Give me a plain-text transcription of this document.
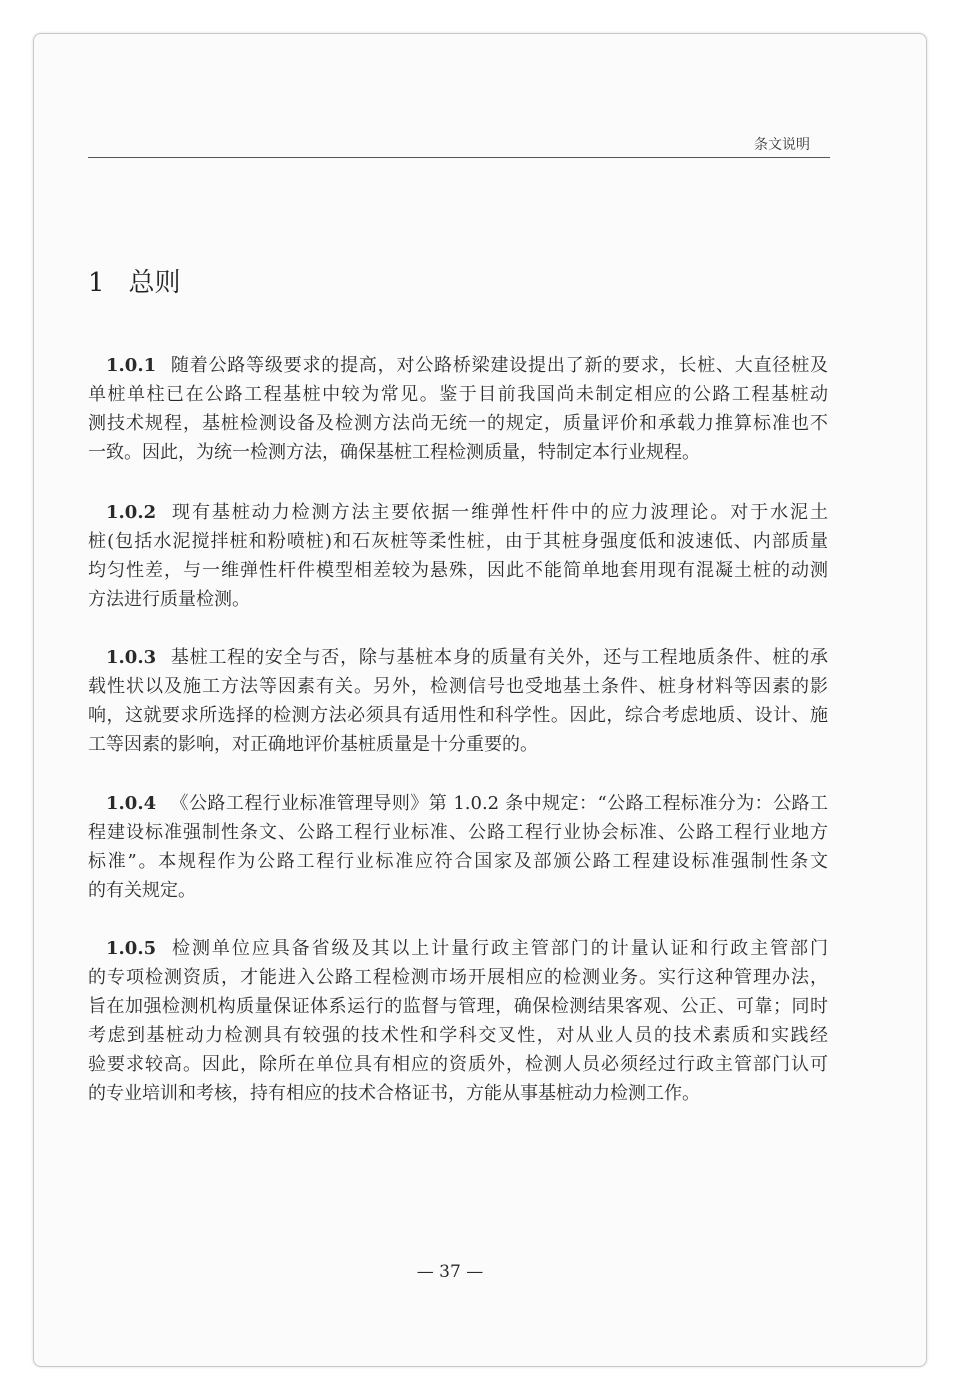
条文说明
1 总则
1.0.1 随着公路等级要求的提高，对公路桥梁建设提出了新的要求，长桩、大直径桩及
单桩单柱已在公路工程基桩中较为常见。鉴于目前我国尚未制定相应的公路工程基桩动
测技术规程，基桩检测设备及检测方法尚无统一的规定，质量评价和承载力推算标准也不
一致。因此，为统一检测方法，确保基桩工程检测质量，特制定本行业规程。
1.0.2 现有基桩动力检测方法主要依据一维弹性杆件中的应力波理论。对于水泥土
桩(包括水泥搅拌桩和粉喷桩)和石灰桩等柔性桩，由于其桩身强度低和波速低、内部质量
均匀性差，与一维弹性杆件模型相差较为悬殊，因此不能简单地套用现有混凝土桩的动测
方法进行质量检测。
1.0.3 基桩工程的安全与否，除与基桩本身的质量有关外，还与工程地质条件、桩的承
载性状以及施工方法等因素有关。另外，检测信号也受地基土条件、桩身材料等因素的影
响，这就要求所选择的检测方法必须具有适用性和科学性。因此，综合考虑地质、设计、施
工等因素的影响，对正确地评价基桩质量是十分重要的。
1.0.4 《公路工程行业标准管理导则》第 1.0.2 条中规定：“公路工程标准分为：公路工
程建设标准强制性条文、公路工程行业标准、公路工程行业协会标准、公路工程行业地方
标准”。本规程作为公路工程行业标准应符合国家及部颁公路工程建设标准强制性条文
的有关规定。
1.0.5 检测单位应具备省级及其以上计量行政主管部门的计量认证和行政主管部门
的专项检测资质，才能进入公路工程检测市场开展相应的检测业务。实行这种管理办法，
旨在加强检测机构质量保证体系运行的监督与管理，确保检测结果客观、公正、可靠；同时
考虑到基桩动力检测具有较强的技术性和学科交叉性，对从业人员的技术素质和实践经
验要求较高。因此，除所在单位具有相应的资质外，检测人员必须经过行政主管部门认可
的专业培训和考核，持有相应的技术合格证书，方能从事基桩动力检测工作。
— 37 —
